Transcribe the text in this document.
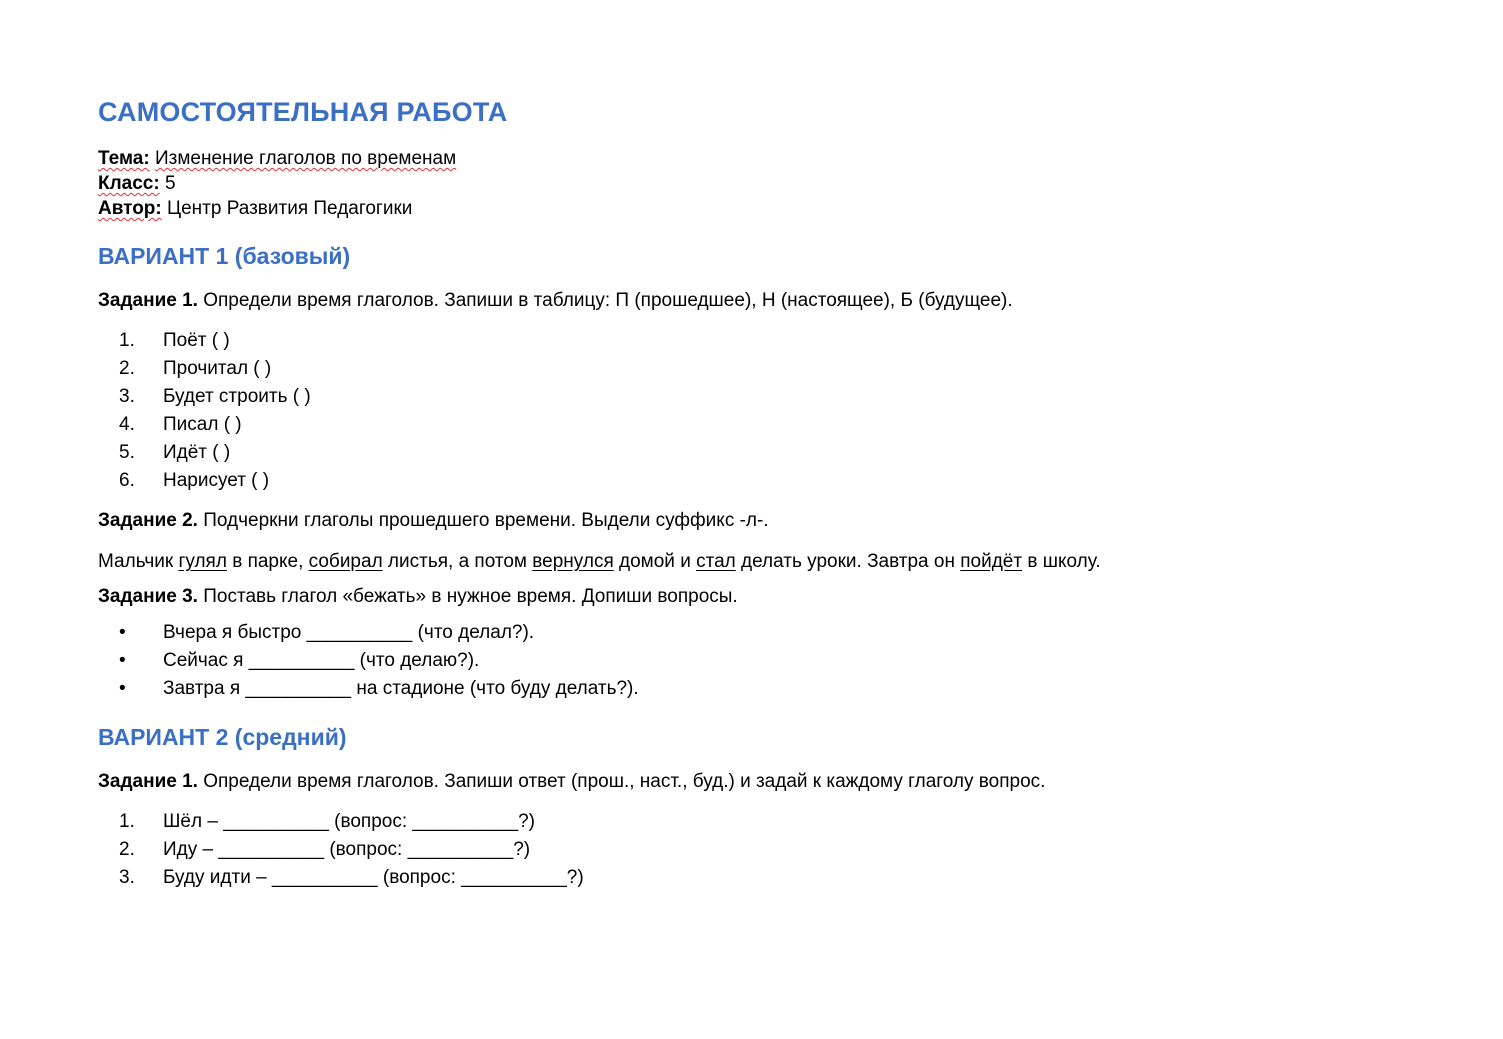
САМОСТОЯТЕЛЬНАЯ РАБОТА
Тема: Изменение глаголов по временам
Класс: 5
Автор: Центр Развития Педагогики
ВАРИАНТ 1 (базовый)

Задание 1. Определи время глаголов. Запиши в таблицу: П (прошедшее), Н (настоящее), Б (будущее).

1. Поёт ( )
2. Прочитал ( )
3. Будет строить ( )
4. Писал ( )
5. Идёт ( )
6. Нарисует ( )

Задание 2. Подчеркни глаголы прошедшего времени. Выдели суффикс -л-.

Мальчик гулял в парке, собирал листья, а потом вернулся домой и стал делать уроки. Завтра он пойдёт в школу.

Задание 3. Поставь глагол «бежать» в нужное время. Допиши вопросы.

• Вчера я быстро __________ (что делал?).
• Сейчас я __________ (что делаю?).
• Завтра я __________ на стадионе (что буду делать?).
ВАРИАНТ 2 (средний)

Задание 1. Определи время глаголов. Запиши ответ (прош., наст., буд.) и задай к каждому глаголу вопрос.

1. Шёл – __________ (вопрос: __________?)
2. Иду – __________ (вопрос: __________?)
3. Буду идти – __________ (вопрос: __________?)
